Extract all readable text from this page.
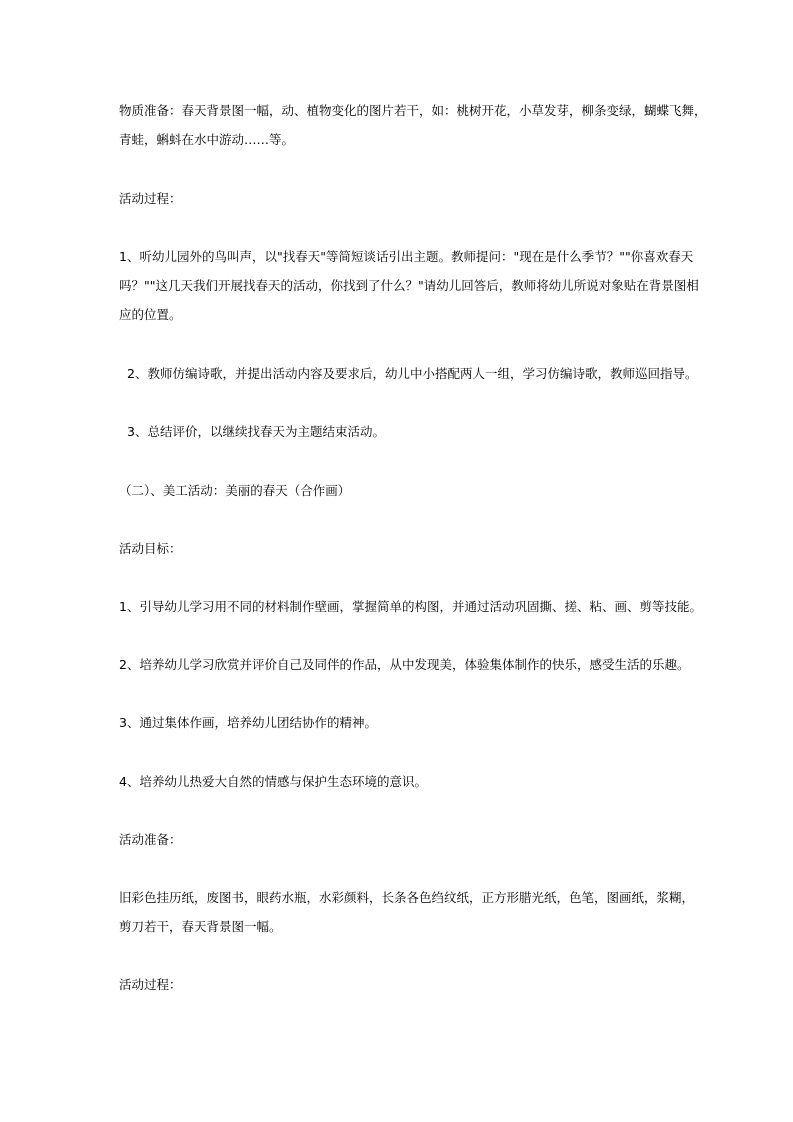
物质准备：春天背景图一幅，动、植物变化的图片若干，如：桃树开花，小草发芽，柳条变绿，蝴蝶飞舞，
青蛙，蝌蚪在水中游动……等。

活动过程：

1、听幼儿园外的鸟叫声，以"找春天"等简短谈话引出主题。教师提问："现在是什么季节？""你喜欢春天
吗？""这几天我们开展找春天的活动，你找到了什么？"请幼儿回答后，教师将幼儿所说对象贴在背景图相
应的位置。

2、教师仿编诗歌，并提出活动内容及要求后，幼儿中小搭配两人一组，学习仿编诗歌，教师巡回指导。

3、总结评价，以继续找春天为主题结束活动。

（二）、美工活动：美丽的春天（合作画）

活动目标：

1、引导幼儿学习用不同的材料制作壁画，掌握简单的构图，并通过活动巩固撕、搓、粘、画、剪等技能。

2、培养幼儿学习欣赏并评价自己及同伴的作品，从中发现美，体验集体制作的快乐，感受生活的乐趣。

3、通过集体作画，培养幼儿团结协作的精神。

4、培养幼儿热爱大自然的情感与保护生态环境的意识。

活动准备：

旧彩色挂历纸，废图书，眼药水瓶，水彩颜料，长条各色绉纹纸，正方形腊光纸，色笔，图画纸，浆糊，
剪刀若干，春天背景图一幅。

活动过程：
